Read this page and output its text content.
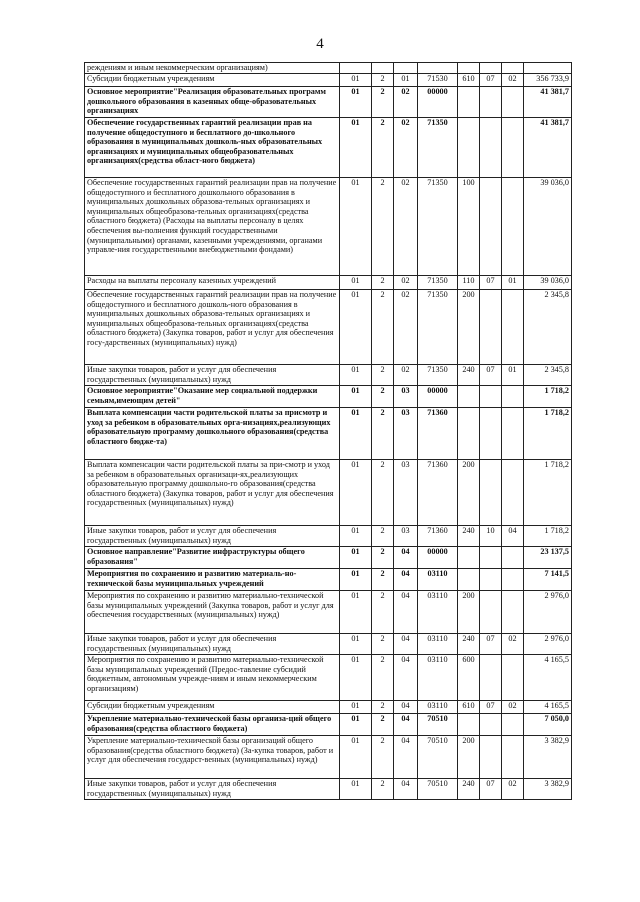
4
реждениям и иным некоммерческим организациям)								
Субсидии бюджетным учреждениям	01	2	01	71530	610	07	02	356 733,9
Основное мероприятие"Реализация образовательных программ дошкольного образования в казенных обще-образовательных организациях	01	2	02	00000				41 381,7
Обеспечение государственных гарантий реализации прав на получение общедоступного и бесплатного до-школьного образования в муниципальных дошколь-ных образовательных организациях и муниципальных общеобразовательных организациях(средства област-ного бюджета)	01	2	02	71350				41 381,7
Обеспечение государственных гарантий реализации прав на получение общедоступного и бесплатного дошкольного образования в муниципальных дошкольных образова-тельных организациях и муниципальных общеобразова-тельных организациях(средства областного бюджета) (Расходы на выплаты персоналу в целях обеспечения вы-полнения функций государственными (муниципальными) органами, казенными учреждениями, органами управле-ния государственными внебюджетными фондами)	01	2	02	71350	100			39 036,0
Расходы на выплаты персоналу казенных учреждений	01	2	02	71350	110	07	01	39 036,0
Обеспечение государственных гарантий реализации прав на получение общедоступного и бесплатного дошколь-ного образования в муниципальных дошкольных образова-тельных организациях и муниципальных общеобразова-тельных организациях(средства областного бюджета) (Закупка товаров, работ и услуг для обеспечения госу-дарственных (муниципальных) нужд)	01	2	02	71350	200			2 345,8
Иные закупки товаров, работ и услуг для обеспечения государственных (муниципальных) нужд	01	2	02	71350	240	07	01	2 345,8
Основное мероприятие"Оказание мер социальной поддержки семьям,имеющим детей"	01	2	03	00000				1 718,2
Выплата компенсации части родительской платы за присмотр и уход за ребенком в образовательных орга-низациях,реализующих образовательную программу дошкольного образования(средства областного бюдже-та)	01	2	03	71360				1 718,2
Выплата компенсации части родительской платы за при-смотр и уход за ребенком в образовательных организаци-ях,реализующих образовательную программу дошкольно-го образования(средства областного бюджета) (Закупка товаров, работ и услуг для обеспечения государственных (муниципальных) нужд)	01	2	03	71360	200			1 718,2
Иные закупки товаров, работ и услуг для обеспечения государственных (муниципальных) нужд	01	2	03	71360	240	10	04	1 718,2
Основное направление"Развитие инфраструктуры общего образования"	01	2	04	00000				23 137,5
Мероприятия по сохранению и развитию материаль-но-технической базы муниципальных учреждений	01	2	04	03110				7 141,5
Мероприятия по сохранению и развитию материально-технической базы муниципальных учреждений (Закупка товаров, работ и услуг для обеспечения государственных (муниципальных) нужд)	01	2	04	03110	200			2 976,0
Иные закупки товаров, работ и услуг для обеспечения государственных (муниципальных) нужд	01	2	04	03110	240	07	02	2 976,0
Мероприятия по сохранению и развитию материально-технической базы муниципальных учреждений (Предос-тавление субсидий бюджетным, автономным учрежде-ниям и иным некоммерческим организациям)	01	2	04	03110	600			4 165,5
Субсидии бюджетным учреждениям	01	2	04	03110	610	07	02	4 165,5
Укрепление материально-технической базы организа-ций общего образования(средства областного бюджета)	01	2	04	70510				7 050,0
Укрепление материально-технической базы организаций общего образования(средства областного бюджета) (За-купка товаров, работ и услуг для обеспечения государст-венных (муниципальных) нужд)	01	2	04	70510	200			3 382,9
Иные закупки товаров, работ и услуг для обеспечения государственных (муниципальных) нужд	01	2	04	70510	240	07	02	3 382,9
